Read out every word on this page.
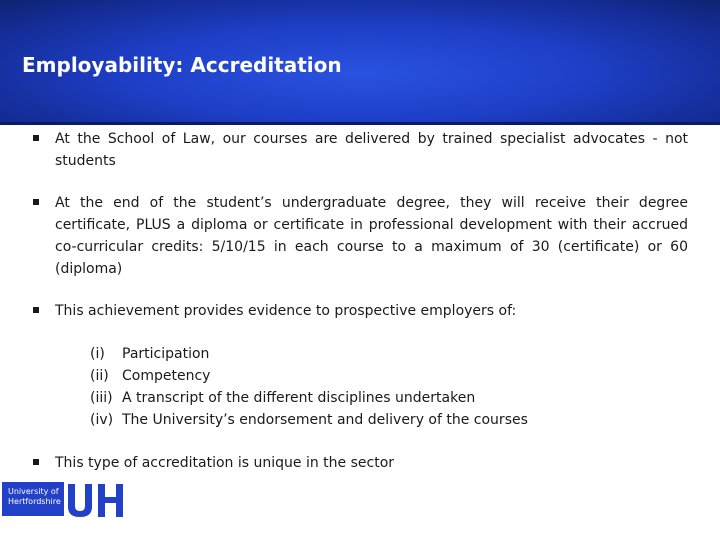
Employability: Accreditation
At the School of Law, our courses are delivered by trained specialist advocates - not students
At the end of the student’s undergraduate degree, they will receive their degree certificate, PLUS a diploma or certificate in professional development with their accrued co-curricular credits: 5/10/15 in each course to a maximum of 30 (certificate) or 60 (diploma)
This achievement provides evidence to prospective employers of:
(i)	Participation
(ii) Competency
(iii) A transcript of the different disciplines undertaken
(iv) The University’s endorsement and delivery of the courses
This type of accreditation is unique in the sector
University of
Hertfordshire
